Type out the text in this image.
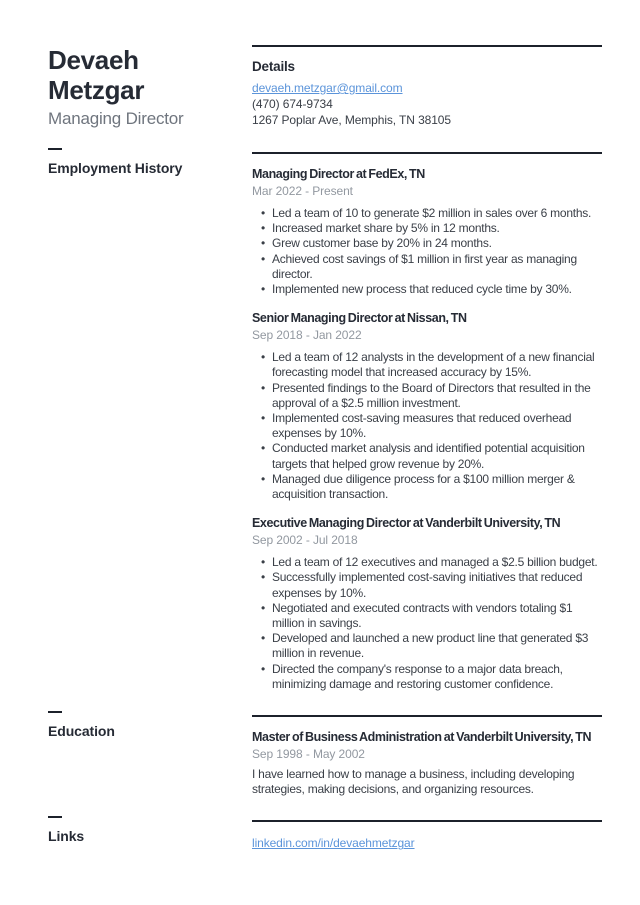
Devaeh
Metzgar
Managing Director
Details
devaeh.metzgar@gmail.com
(470) 674-9734
1267 Poplar Ave, Memphis, TN 38105
Employment History	Managing Director at FedEx, TN
Mar 2022 - Present
• Led a team of 10 to generate $2 million in sales over 6 months.
• Increased market share by 5% in 12 months.
• Grew customer base by 20% in 24 months.
• Achieved cost savings of $1 million in first year as managing director.
• Implemented new process that reduced cycle time by 30%.
Senior Managing Director at Nissan, TN
Sep 2018 - Jan 2022
• Led a team of 12 analysts in the development of a new financial forecasting model that increased accuracy by 15%.
• Presented findings to the Board of Directors that resulted in the approval of a $2.5 million investment.
• Implemented cost-saving measures that reduced overhead expenses by 10%.
• Conducted market analysis and identified potential acquisition targets that helped grow revenue by 20%.
• Managed due diligence process for a $100 million merger & acquisition transaction.
Executive Managing Director at Vanderbilt University, TN
Sep 2002 - Jul 2018
• Led a team of 12 executives and managed a $2.5 billion budget.
• Successfully implemented cost-saving initiatives that reduced expenses by 10%.
• Negotiated and executed contracts with vendors totaling $1 million in savings.
• Developed and launched a new product line that generated $3 million in revenue.
• Directed the company's response to a major data breach, minimizing damage and restoring customer confidence.
Education	Master of Business Administration at Vanderbilt University, TN
Sep 1998 - May 2002
I have learned how to manage a business, including developing strategies, making decisions, and organizing resources.
Links	linkedin.com/in/devaehmetzgar
